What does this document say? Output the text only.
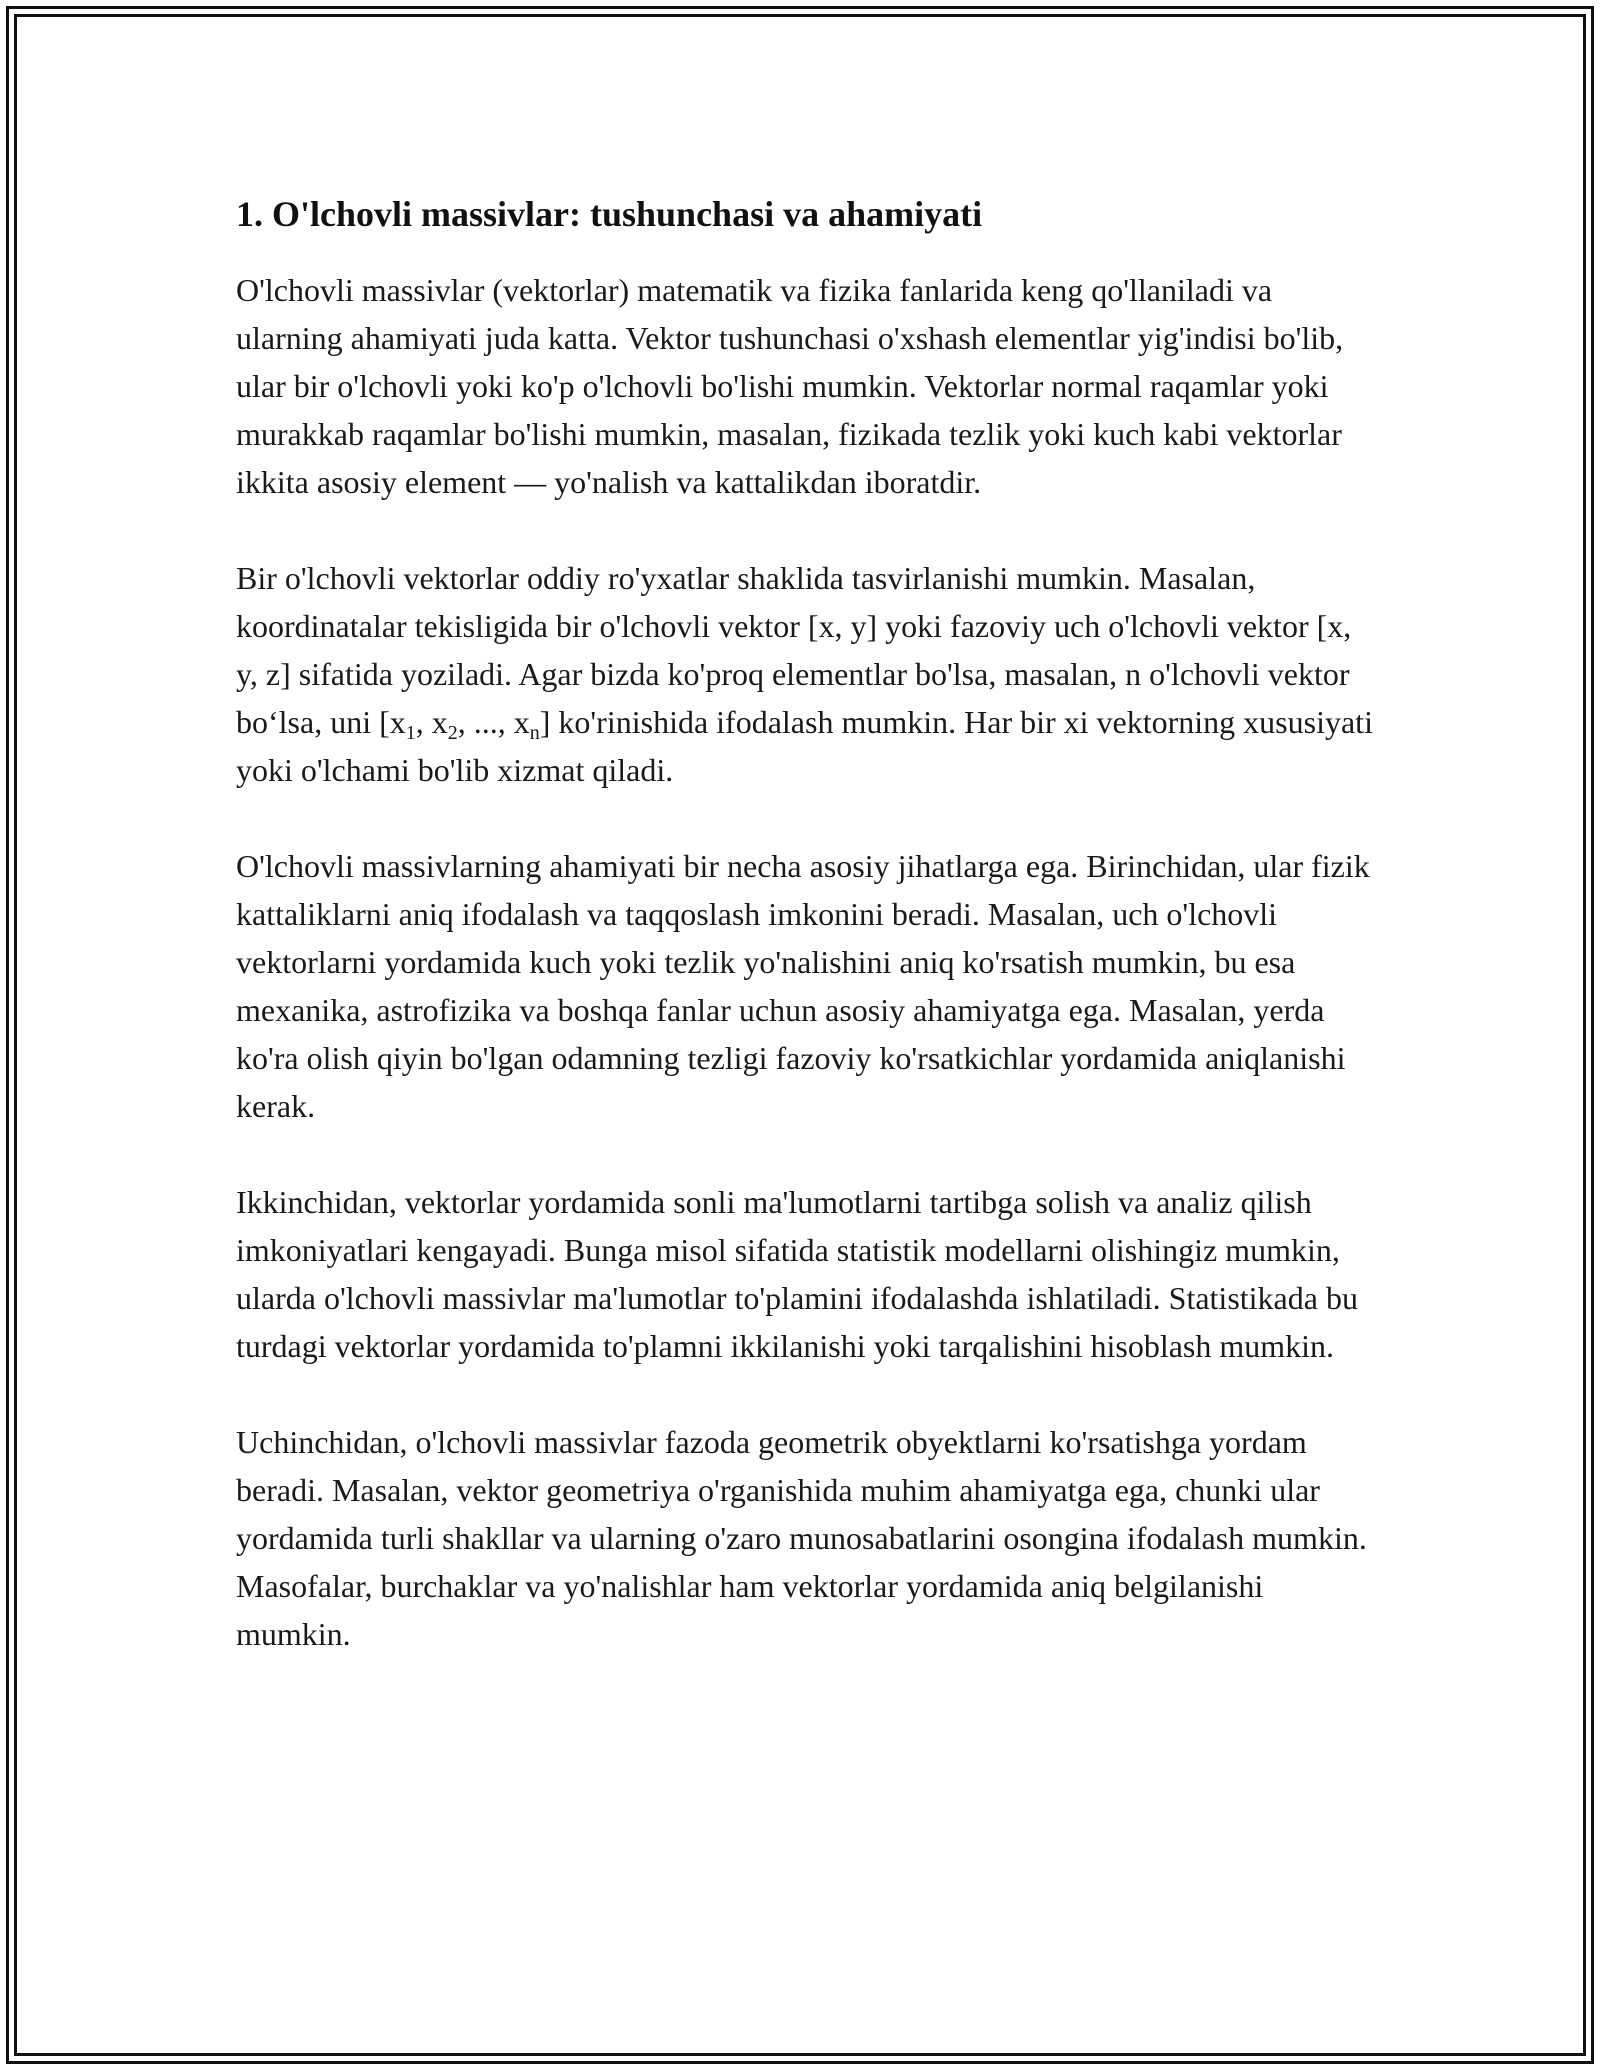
1. O'lchovli massivlar: tushunchasi va ahamiyati

O'lchovli massivlar (vektorlar) matematik va fizika fanlarida keng qo'llaniladi va ularning ahamiyati juda katta. Vektor tushunchasi o'xshash elementlar yig'indisi bo'lib, ular bir o'lchovli yoki ko'p o'lchovli bo'lishi mumkin. Vektorlar normal raqamlar yoki murakkab raqamlar bo'lishi mumkin, masalan, fizikada tezlik yoki kuch kabi vektorlar ikkita asosiy element — yo'nalish va kattalikdan iboratdir.

Bir o'lchovli vektorlar oddiy ro'yxatlar shaklida tasvirlanishi mumkin. Masalan, koordinatalar tekisligida bir o'lchovli vektor [x, y] yoki fazoviy uch o'lchovli vektor [x, y, z] sifatida yoziladi. Agar bizda ko'proq elementlar bo'lsa, masalan, n o'lchovli vektor bo‘lsa, uni [$x_1$, $x_2$, ..., $x_n$] ko'rinishida ifodalash mumkin. Har bir xi vektorning xususiyati yoki o'lchami bo'lib xizmat qiladi.

O'lchovli massivlarning ahamiyati bir necha asosiy jihatlarga ega. Birinchidan, ular fizik kattaliklarni aniq ifodalash va taqqoslash imkonini beradi. Masalan, uch o'lchovli vektorlarni yordamida kuch yoki tezlik yo'nalishini aniq ko'rsatish mumkin, bu esa mexanika, astrofizika va boshqa fanlar uchun asosiy ahamiyatga ega. Masalan, yerda ko'ra olish qiyin bo'lgan odamning tezligi fazoviy ko'rsatkichlar yordamida aniqlanishi kerak.

Ikkinchidan, vektorlar yordamida sonli ma'lumotlarni tartibga solish va analiz qilish imkoniyatlari kengayadi. Bunga misol sifatida statistik modellarni olishingiz mumkin, ularda o'lchovli massivlar ma'lumotlar to'plamini ifodalashda ishlatiladi. Statistikada bu turdagi vektorlar yordamida to'plamni ikkilanishi yoki tarqalishini hisoblash mumkin.

Uchinchidan, o'lchovli massivlar fazoda geometrik obyektlarni ko'rsatishga yordam beradi. Masalan, vektor geometriya o'rganishida muhim ahamiyatga ega, chunki ular yordamida turli shakllar va ularning o'zaro munosabatlarini osongina ifodalash mumkin. Masofalar, burchaklar va yo'nalishlar ham vektorlar yordamida aniq belgilanishi mumkin.
